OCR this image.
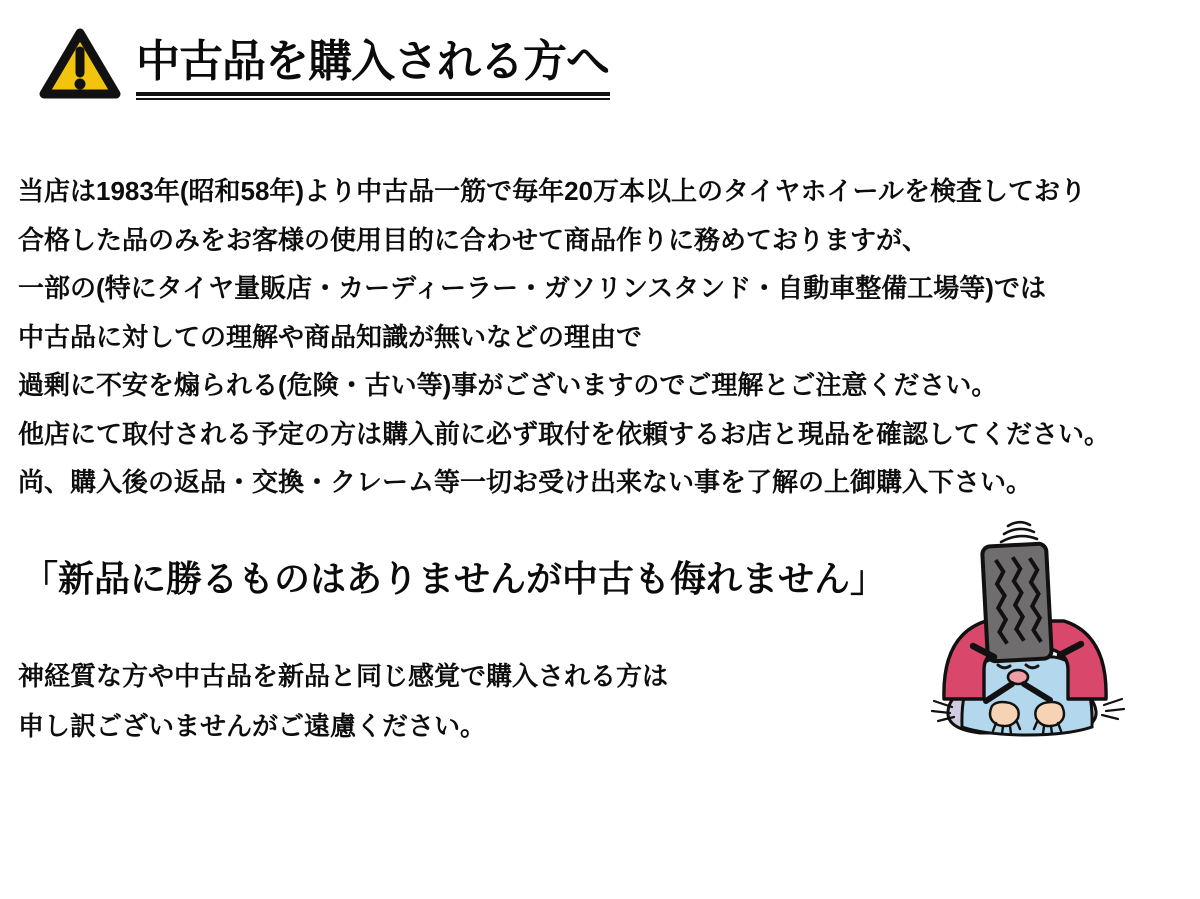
中古品を購入される方へ

当店は1983年(昭和58年)より中古品一筋で毎年20万本以上のタイヤホイールを検査しており

合格した品のみをお客様の使用目的に合わせて商品作りに務めておりますが、

一部の(特にタイヤ量販店・カーディーラー・ガソリンスタンド・自動車整備工場等)では

中古品に対しての理解や商品知識が無いなどの理由で

過剰に不安を煽られる(危険・古い等)事がございますのでご理解とご注意ください。

他店にて取付される予定の方は購入前に必ず取付を依頼するお店と現品を確認してください。

尚、購入後の返品・交換・クレーム等一切お受け出来ない事を了解の上御購入下さい。

「新品に勝るものはありませんが中古も侮れません」

神経質な方や中古品を新品と同じ感覚で購入される方は

申し訳ございませんがご遠慮ください。
